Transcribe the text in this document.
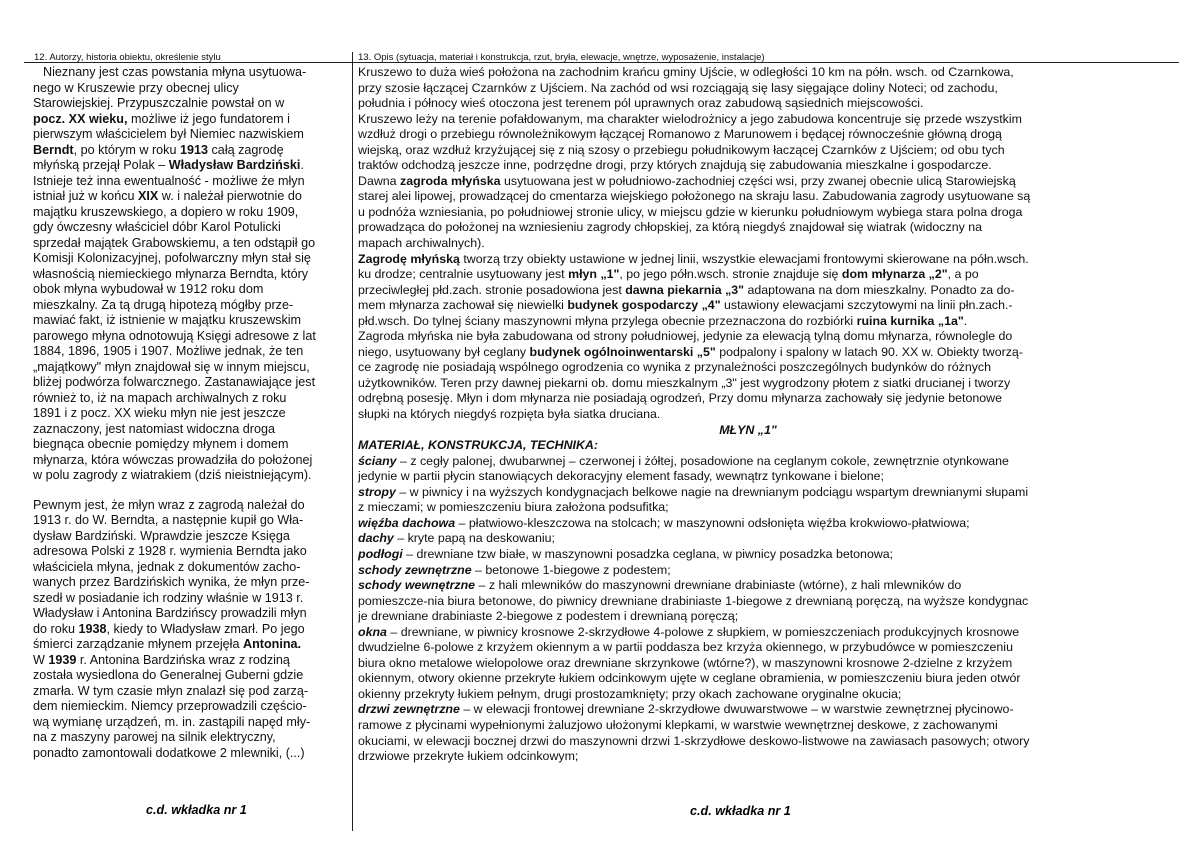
12. Autorzy, historia obiektu, określenie stylu	13. Opis (sytuacja, materiał i konstrukcja, rzut, bryła, elewacje, wnętrze, wyposażenie, instalacje)
Nieznany jest czas powstania młyna usytuowa-
nego w Kruszewie przy obecnej ulicy
Starowiejskiej. Przypuszczalnie powstał on w
pocz. XX wieku, możliwe iż jego fundatorem i
pierwszym właścicielem był Niemiec nazwiskiem
Berndt, po którym w roku 1913 całą zagrodę
młyńską przejął Polak – Władysław Bardziński.
Istnieje też inna ewentualność - możliwe że młyn
istniał już w końcu XIX w. i należał pierwotnie do
majątku kruszewskiego, a dopiero w roku 1909,
gdy ówczesny właściciel dóbr Karol Potulicki
sprzedał majątek Grabowskiemu, a ten odstąpił go
Komisji Kolonizacyjnej, pofolwarczny młyn stał się
własnością niemieckiego młynarza Berndta, który
obok młyna wybudował w 1912 roku dom
mieszkalny. Za tą drugą hipotezą mógłby prze-
mawiać fakt, iż istnienie w majątku kruszewskim
parowego młyna odnotowują Księgi adresowe z lat
1884, 1896, 1905 i 1907. Możliwe jednak, że ten
„majątkowy" młyn znajdował się w innym miejscu,
bliżej podwórza folwarcznego. Zastanawiające jest
również to, iż na mapach archiwalnych z roku
1891 i z pocz. XX wieku młyn nie jest jeszcze
zaznaczony, jest natomiast widoczna droga
biegnąca obecnie pomiędzy młynem i domem
młynarza, która wówczas prowadziła do położonej
w polu zagrody z wiatrakiem (dziś nieistniejącym).
Pewnym jest, że młyn wraz z zagrodą należał do
1913 r. do W. Berndta, a następnie kupił go Wła-
dysław Bardziński. Wprawdzie jeszcze Księga
adresowa Polski z 1928 r. wymienia Berndta jako
właściciela młyna, jednak z dokumentów zacho-
wanych przez Bardzińskich wynika, że młyn prze-
szedł w posiadanie ich rodziny właśnie w 1913 r.
Władysław i Antonina Bardzińscy prowadzili młyn
do roku 1938, kiedy to Władysław zmarł. Po jego
śmierci zarządzanie młynem przejęła Antonina.
W 1939 r. Antonina Bardzińska wraz z rodziną
została wysiedlona do Generalnej Guberni gdzie
zmarła. W tym czasie młyn znalazł się pod zarzą-
dem niemieckim. Niemcy przeprowadzili częścio-
wą wymianę urządzeń, m. in. zastąpili napęd mły-
na z maszyny parowej na silnik elektryczny,
ponadto zamontowali dodatkowe 2 mlewniki, (...)
c.d. wkładka nr 1
Kruszewo to duża wieś położona na zachodnim krańcu gminy Ujście, w odległości 10 km na półn. wsch. od Czarnkowa,
przy szosie łączącej Czarnków z Ujściem. Na zachód od wsi rozciągają się lasy sięgające doliny Noteci; od zachodu,
południa i północy wieś otoczona jest terenem pól uprawnych oraz zabudową sąsiednich miejscowości.
Kruszewo leży na terenie pofałdowanym, ma charakter wielodrożnicy a jego zabudowa koncentruje się przede wszystkim
wzdłuż drogi o przebiegu równoleżnikowym łączącej Romanowo z Marunowem i będącej równocześnie główną drogą
wiejską, oraz wzdłuż krzyżującej się z nią szosy o przebiegu południkowym łaczącej Czarnków z Ujściem; od obu tych
traktów odchodzą jeszcze inne, podrzędne drogi, przy których znajdują się zabudowania mieszkalne i gospodarcze.
Dawna zagroda młyńska usytuowana jest w południowo-zachodniej części wsi, przy zwanej obecnie ulicą Starowiejską
starej alei lipowej, prowadzącej do cmentarza wiejskiego położonego na skraju lasu. Zabudowania zagrody usytuowane są
u podnóża wzniesiania, po południowej stronie ulicy, w miejscu gdzie w kierunku południowym wybiega stara polna droga
prowadząca do położonej na wzniesieniu zagrody chłopskiej, za którą niegdyś znajdował się wiatrak (widoczny na
mapach archiwalnych).
Zagrodę młyńską tworzą trzy obiekty ustawione w jednej linii, wszystkie elewacjami frontowymi skierowane na półn.wsch.
ku drodze; centralnie usytuowany jest młyn „1", po jego półn.wsch. stronie znajduje się dom młynarza „2", a po
przeciwległej płd.zach. stronie posadowiona jest dawna piekarnia „3" adaptowana na dom mieszkalny. Ponadto za do-
mem młynarza zachował się niewielki budynek gospodarczy „4" ustawiony elewacjami szczytowymi na linii płn.zach.-
płd.wsch. Do tylnej ściany maszynowni młyna przylega obecnie przeznaczona do rozbiórki ruina kurnika „1a".
Zagroda młyńska nie była zabudowana od strony południowej, jedynie za elewacją tylną domu młynarza, równolegle do
niego, usytuowany był ceglany budynek ogólnoinwentarski „5" podpalony i spalony w latach 90. XX w. Obiekty tworzą-
ce zagrodę nie posiadają wspólnego ogrodzenia co wynika z przynależności poszczególnych budynków do różnych
użytkowników. Teren przy dawnej piekarni ob. domu mieszkalnym „3" jest wygrodzony płotem z siatki drucianej i tworzy
odrębną posesję. Młyn i dom młynarza nie posiadają ogrodzeń, Przy domu młynarza zachowały się jedynie betonowe
słupki na których niegdyś rozpięta była siatka druciana.
MŁYN „1"
MATERIAŁ, KONSTRUKCJA, TECHNIKA:
ściany – z cegły palonej, dwubarwnej – czerwonej i żółtej, posadowione na ceglanym cokole, zewnętrznie otynkowane
jedynie w partii płycin stanowiących dekoracyjny element fasady, wewnątrz tynkowane i bielone;
stropy – w piwnicy i na wyższych kondygnacjach belkowe nagie na drewnianym podciągu wspartym drewnianymi słupami
z mieczami; w pomieszczeniu biura założona podsufitka;
więźba dachowa – płatwiowo-kleszczowa na stolcach; w maszynowni odsłonięta więźba krokwiowo-płatwiowa;
dachy – kryte papą na deskowaniu;
podłogi – drewniane tzw białe, w maszynowni posadzka ceglana, w piwnicy posadzka betonowa;
schody zewnętrzne – betonowe 1-biegowe z podestem;
schody wewnętrzne – z hali mlewników do maszynowni drewniane drabiniaste (wtórne), z hali mlewników do
pomieszcze-nia biura betonowe, do piwnicy drewniane drabiniaste 1-biegowe z drewnianą poręczą, na wyższe kondygnac
je drewniane drabiniaste 2-biegowe z podestem i drewnianą poręczą;
okna – drewniane, w piwnicy krosnowe 2-skrzydłowe 4-polowe z słupkiem, w pomieszczeniach produkcyjnych krosnowe
dwudzielne 6-polowe z krzyżem okiennym a w partii poddasza bez krzyża okiennego, w przybudówce w pomieszczeniu
biura okno metalowe wielopolowe oraz drewniane skrzynkowe (wtórne?), w maszynowni krosnowe 2-dzielne z krzyżem
okiennym, otwory okienne przekryte łukiem odcinkowym ujęte w ceglane obramienia, w pomieszczeniu biura jeden otwór
okienny przekryty łukiem pełnym, drugi prostozamknięty; przy okach zachowane oryginalne okucia;
drzwi zewnętrzne – w elewacji frontowej drewniane 2-skrzydłowe dwuwarstwowe – w warstwie zewnętrznej płycinowo-
ramowe z płycinami wypełnionymi żaluzjowo ułożonymi klepkami, w warstwie wewnętrznej deskowe, z zachowanymi
okuciami, w elewacji bocznej drzwi do maszynowni drzwi 1-skrzydłowe deskowo-listwowe na zawiasach pasowych; otwory
drzwiowe przekryte łukiem odcinkowym;
c.d. wkładka nr 1
